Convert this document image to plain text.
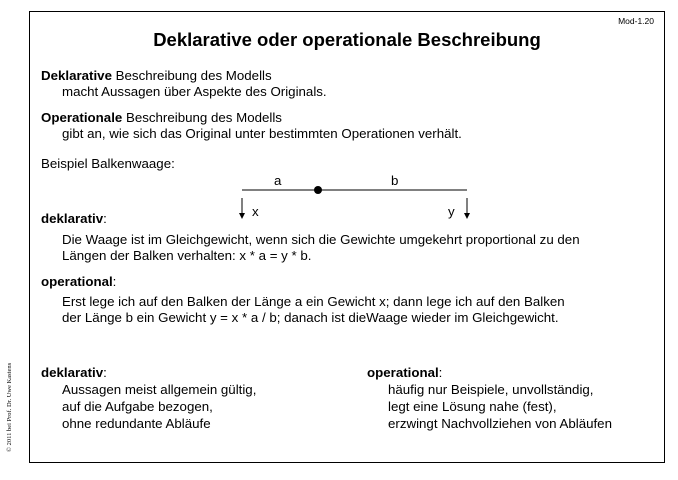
© 2011 bei Prof. Dr. Uwe Kastens
Mod-1.20
Deklarative oder operationale Beschreibung
Deklarative Beschreibung des Modells
macht Aussagen über Aspekte des Originals.
Operationale Beschreibung des Modells
gibt an, wie sich das Original unter bestimmten Operationen verhält.
Beispiel Balkenwaage:
a	b
x	y
deklarativ:
Die Waage ist im Gleichgewicht, wenn sich die Gewichte umgekehrt proportional zu den
Längen der Balken verhalten: x * a = y * b.
operational:
Erst lege ich auf den Balken der Länge a ein Gewicht x; dann lege ich auf den Balken
der Länge b ein Gewicht y = x * a / b; danach ist dieWaage wieder im Gleichgewicht.
deklarativ:
Aussagen meist allgemein gültig,
auf die Aufgabe bezogen,
ohne redundante Abläufe
operational:
häufig nur Beispiele, unvollständig,
legt eine Lösung nahe (fest),
erzwingt Nachvollziehen von Abläufen
